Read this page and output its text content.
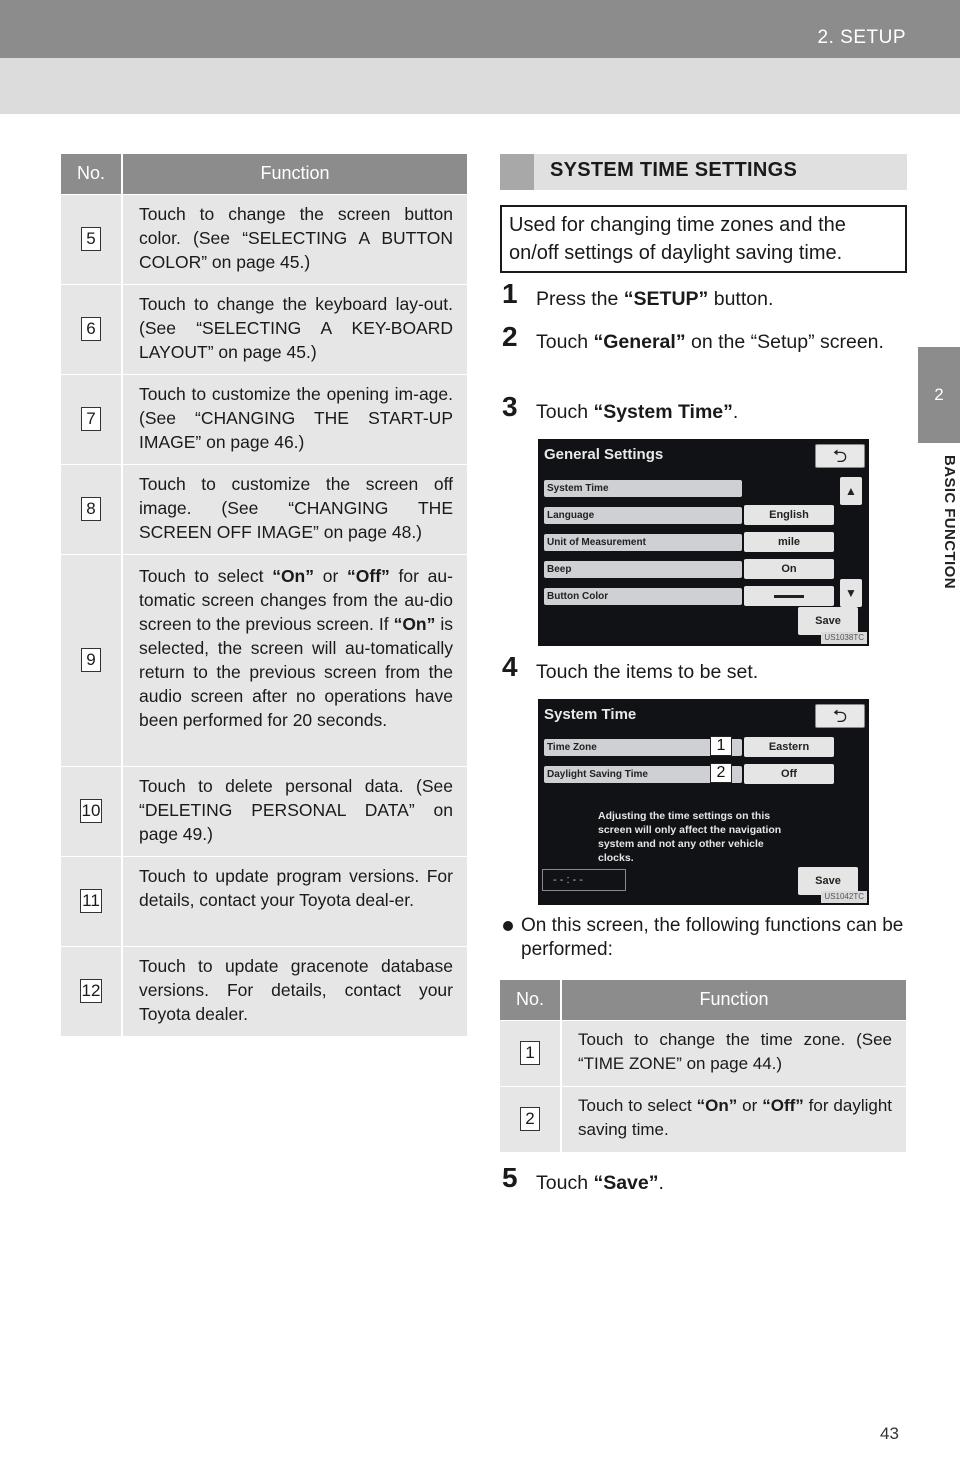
2. SETUP
2
BASIC FUNCTION
No.	Function
5	Touch to change the screen button color. (See “SELECTING A BUTTON COLOR” on page 45.)
6	Touch to change the keyboard lay-out. (See “SELECTING A KEY-BOARD LAYOUT” on page 45.)
7	Touch to customize the opening im-age. (See “CHANGING THE START-UP IMAGE” on page 46.)
8	Touch to customize the screen off image. (See “CHANGING THE SCREEN OFF IMAGE” on page 48.)
9	Touch to select “On” or “Off” for au-tomatic screen changes from the au-dio screen to the previous screen. If “On” is selected, the screen will au-tomatically return to the previous screen from the audio screen after no operations have been performed for 20 seconds.
10	Touch to delete personal data. (See “DELETING PERSONAL DATA” on page 49.)
11	Touch to update program versions. For details, contact your Toyota deal-er.
12	Touch to update gracenote database versions. For details, contact your Toyota dealer.
SYSTEM TIME SETTINGS
Used for changing time zones and the on/off settings of daylight saving time.
1 Press the “SETUP” button.
2 Touch “General” on the “Setup” screen.
3 Touch “System Time”.
General Settings	⮌
System Time
Language	English
Unit of Measurement	mile
Beep	On
Button Color
▲
▼
Save
US1038TC
4 Touch the items to be set.
System Time	⮌
Time Zone	1	Eastern
Daylight Saving Time	2	Off
Adjusting the time settings on this screen will only affect the navigation system and not any other vehicle clocks.
- - : - -	Save
US1042TC
On this screen, the following functions can be performed:
No.	Function
1	Touch to change the time zone. (See “TIME ZONE” on page 44.)
2	Touch to select “On” or “Off” for daylight saving time.
5 Touch “Save”.
43
